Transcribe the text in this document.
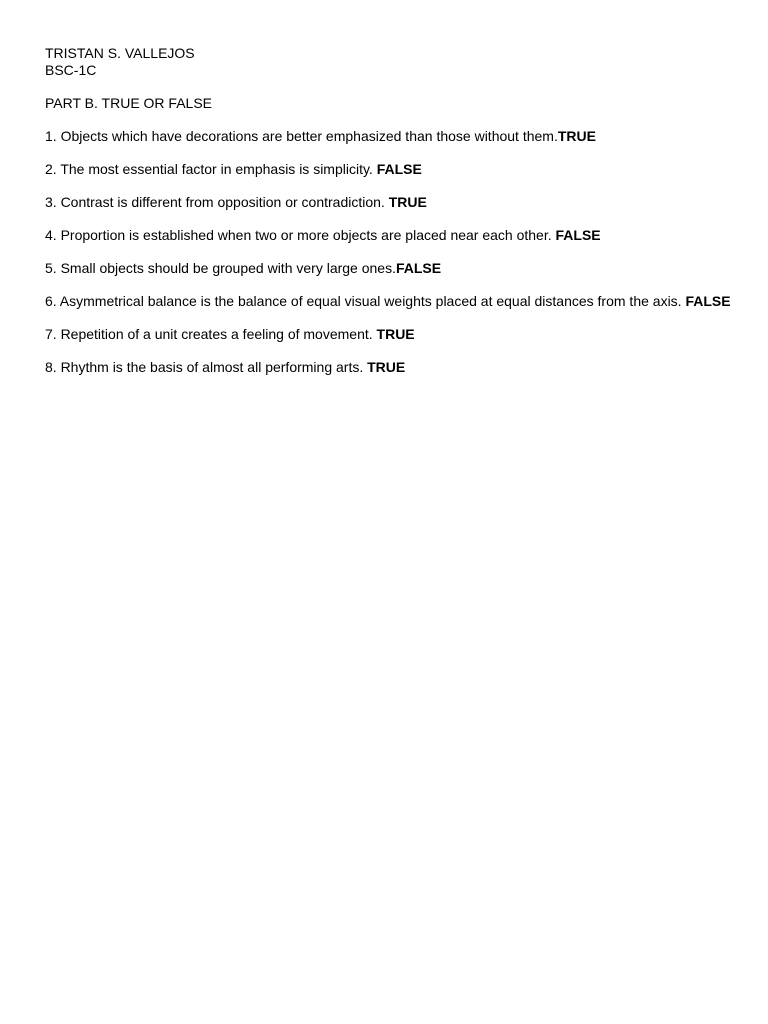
TRISTAN S. VALLEJOS
BSC-1C
PART B. TRUE OR FALSE
1. Objects which have decorations are better emphasized than those without them.TRUE
2. The most essential factor in emphasis is simplicity. FALSE
3. Contrast is different from opposition or contradiction. TRUE
4. Proportion is established when two or more objects are placed near each other. FALSE
5. Small objects should be grouped with very large ones.FALSE
6. Asymmetrical balance is the balance of equal visual weights placed at equal distances from the axis. FALSE
7. Repetition of a unit creates a feeling of movement. TRUE
8. Rhythm is the basis of almost all performing arts. TRUE
